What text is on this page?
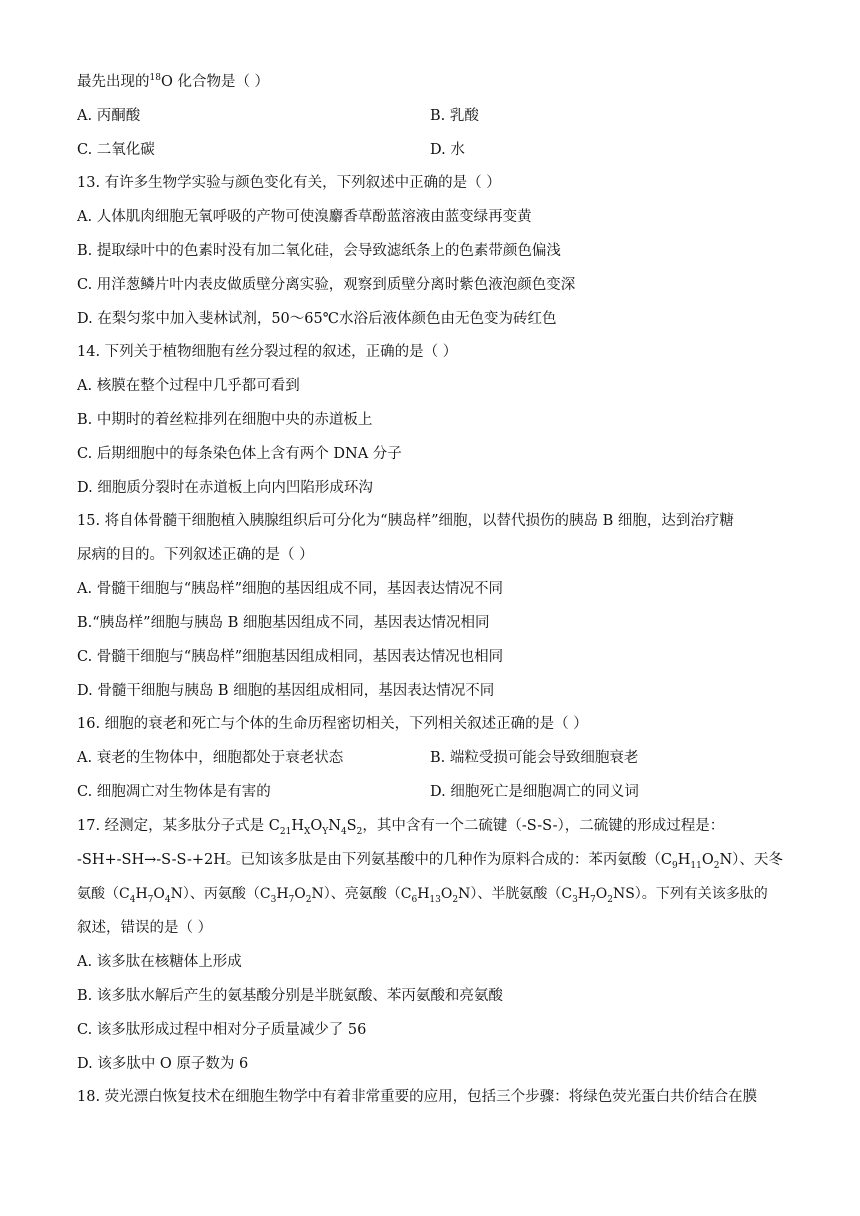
最先出现的$^{18}$O 化合物是（ ）
A. 丙酮酸	B. 乳酸
C. 二氧化碳	D. 水
13. 有许多生物学实验与颜色变化有关，下列叙述中正确的是（ ）
A. 人体肌肉细胞无氧呼吸的产物可使溴麝香草酚蓝溶液由蓝变绿再变黄
B. 提取绿叶中的色素时没有加二氧化硅，会导致滤纸条上的色素带颜色偏浅
C. 用洋葱鳞片叶内表皮做质壁分离实验，观察到质壁分离时紫色液泡颜色变深
D. 在梨匀浆中加入斐林试剂，50～65℃水浴后液体颜色由无色变为砖红色
14. 下列关于植物细胞有丝分裂过程的叙述，正确的是（ ）
A. 核膜在整个过程中几乎都可看到
B. 中期时的着丝粒排列在细胞中央的赤道板上
C. 后期细胞中的每条染色体上含有两个 DNA 分子
D. 细胞质分裂时在赤道板上向内凹陷形成环沟
15. 将自体骨髓干细胞植入胰腺组织后可分化为“胰岛样”细胞，以替代损伤的胰岛 B 细胞，达到治疗糖
尿病的目的。下列叙述正确的是（ ）
A. 骨髓干细胞与“胰岛样”细胞的基因组成不同，基因表达情况不同
B.“胰岛样”细胞与胰岛 B 细胞基因组成不同，基因表达情况相同
C. 骨髓干细胞与“胰岛样”细胞基因组成相同，基因表达情况也相同
D. 骨髓干细胞与胰岛 B 细胞的基因组成相同，基因表达情况不同
16. 细胞的衰老和死亡与个体的生命历程密切相关，下列相关叙述正确的是（ ）
A. 衰老的生物体中，细胞都处于衰老状态	B. 端粒受损可能会导致细胞衰老
C. 细胞凋亡对生物体是有害的	D. 细胞死亡是细胞凋亡的同义词
17. 经测定，某多肽分子式是 $C_{21}H_XO_YN_4S_2$，其中含有一个二硫键（-S-S-），二硫键的形成过程是：
-SH+-SH→-S-S-+2H。已知该多肽是由下列氨基酸中的几种作为原料合成的：苯丙氨酸$(C_9H_{11}O_2N)$、天冬
氨酸$(C_4H_7O_4N)$、丙氨酸$(C_3H_7O_2N)$、亮氨酸$(C_6H_{13}O_2N)$、半胱氨酸$(C_3H_7O_2NS)$。下列有关该多肽的
叙述，错误的是（ ）
A. 该多肽在核糖体上形成
B. 该多肽水解后产生的氨基酸分别是半胱氨酸、苯丙氨酸和亮氨酸
C. 该多肽形成过程中相对分子质量减少了 56
D. 该多肽中 O 原子数为 6
18. 荧光漂白恢复技术在细胞生物学中有着非常重要的应用，包括三个步骤：将绿色荧光蛋白共价结合在膜
